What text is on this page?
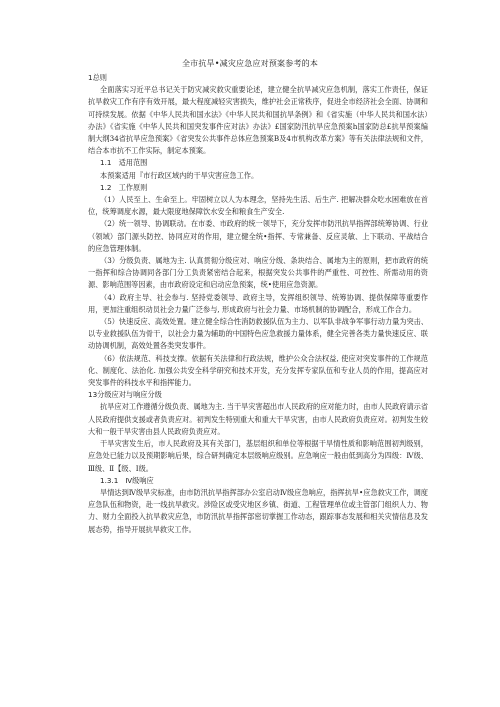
全市抗旱•减灾应急应对预案参考的本

1总则

全面落实习近平总书记关于防灾减灾救灾重要论述，建立健全抗旱减灾应急机制，落实工作责任，保证抗旱救灾工作有序有效开展，最大程度减轻灾害损失，维护社会正常秩序，促进全市经济社会全面、协调和可持续发展。依据《中华人民共和国水法》《中华人民共和国抗旱条例》和《省实施（中华人民共和国水法）办法》《省实施《中华人民共和国突发事件应对法》办法》£国家防汛抗旱应急预案h国家防总£抗旱预案编制大纲34省抗旱应急预案》《省突发公共事件总体应急预案B及4市机构改革方案》等有关法律法规和文件，结合本市抗不工作实际，制定本预案。

1.1　适用范围

本预案适用『市行政区域内的干旱灾害应急工作。

1.2　工作原则

（1）人民至上、生命至上。牢固树立以人为本理念，坚持先生活、后生产. 把解决群众吃水困难放在首位，统筹调度水源，最大限度地保障饮水安全和粮食生产安全.

（2）统一领导、协调联动。在市委、市政府的统一领导下，充分发挥市防汛抗旱指挥部统筹协调、行业（领域）部门源头防控、协同应对的作用，建立健全统•指挥、专常兼备、反应灵敏、上下联动、平战结合的应急管理体制。

（3）分级负责、属地为主. 认真贯彻分级应对、响应分级、条块结合、属地为主的原则，把市政府的统一指挥和综合协调同各部门分工负责紧密结合起来，根据突发公共事件的严重性、可控性、所需动用的资源、影响范围等因素，由市政府设定和启动应急预案，统•使用应急资源。

（4）政府主导、社会参与. 坚持党委领导、政府主导，发挥组织领导、统筹协调、提供保障等重要作用，更加注重组织动员社会力量广泛参与, 形成政府与社会力量、市场机制的协调配合，形成工作合力。

（5）快速反应、高效处置。建立健全综合性消防救援队伍为主力、以军队非战争军事行动力量为突击、以专业救援队伍为骨干，以社会力量为辅助的中国特色应急救援力量体系，健全完善各类力量快速反应、联动协调机制，高效处置各类突发事件。

（6）依法规范、科技支撑。依据有关法律和行政法规，维护公众合法权益, 使应对突发事件的工作规范化、制度化、法治化. 加强公共安全科学研究和技术开发，充分发挥专家队伍和专业人员的作用，提高应对突发事件的科技水平和指挥能力。

13分级应对与响应分级

抗旱应对工作遵循分级负责、属地为主. 当干旱灾害超出市人民政府的应对能力时，由市人民政府请示省人民政府提供支援或者负责应对。初判发生特别重大和重大干旱灾害，由市人民政府负责应对。初判发生较大和一般干旱灾害由县人民政府负责应对。

干旱灾害发生后，市人民政府及其有关部门，基层组织和单位等根据干旱情性质和影响范围初判级别，应急处已能力以及预期影响后果，综合研判确定本层级响应级别。应急响应一般由低到高分为四级：Ⅳ级、Ⅲ级、Ⅱ【级、Ⅰ级。

1.3.1　Ⅳ级响应

旱情达到Ⅳ级旱灾标准，由市防汛抗旱指挥部办公室启动Ⅳ级应急响应，指挥抗旱•应急救灾工作，调度应急队伍和物资，赴一线抗旱救灾。涉险区或受灾地区乡镇、街道、工程管理单位或主管部门组织人力、物力、财力全面投入抗旱救灾应急，市防汛抗旱指挥部密切掌握工作动态，跟踪事态发展和相关灾情信息及发展态势，指导开展抗旱救灾工作。
